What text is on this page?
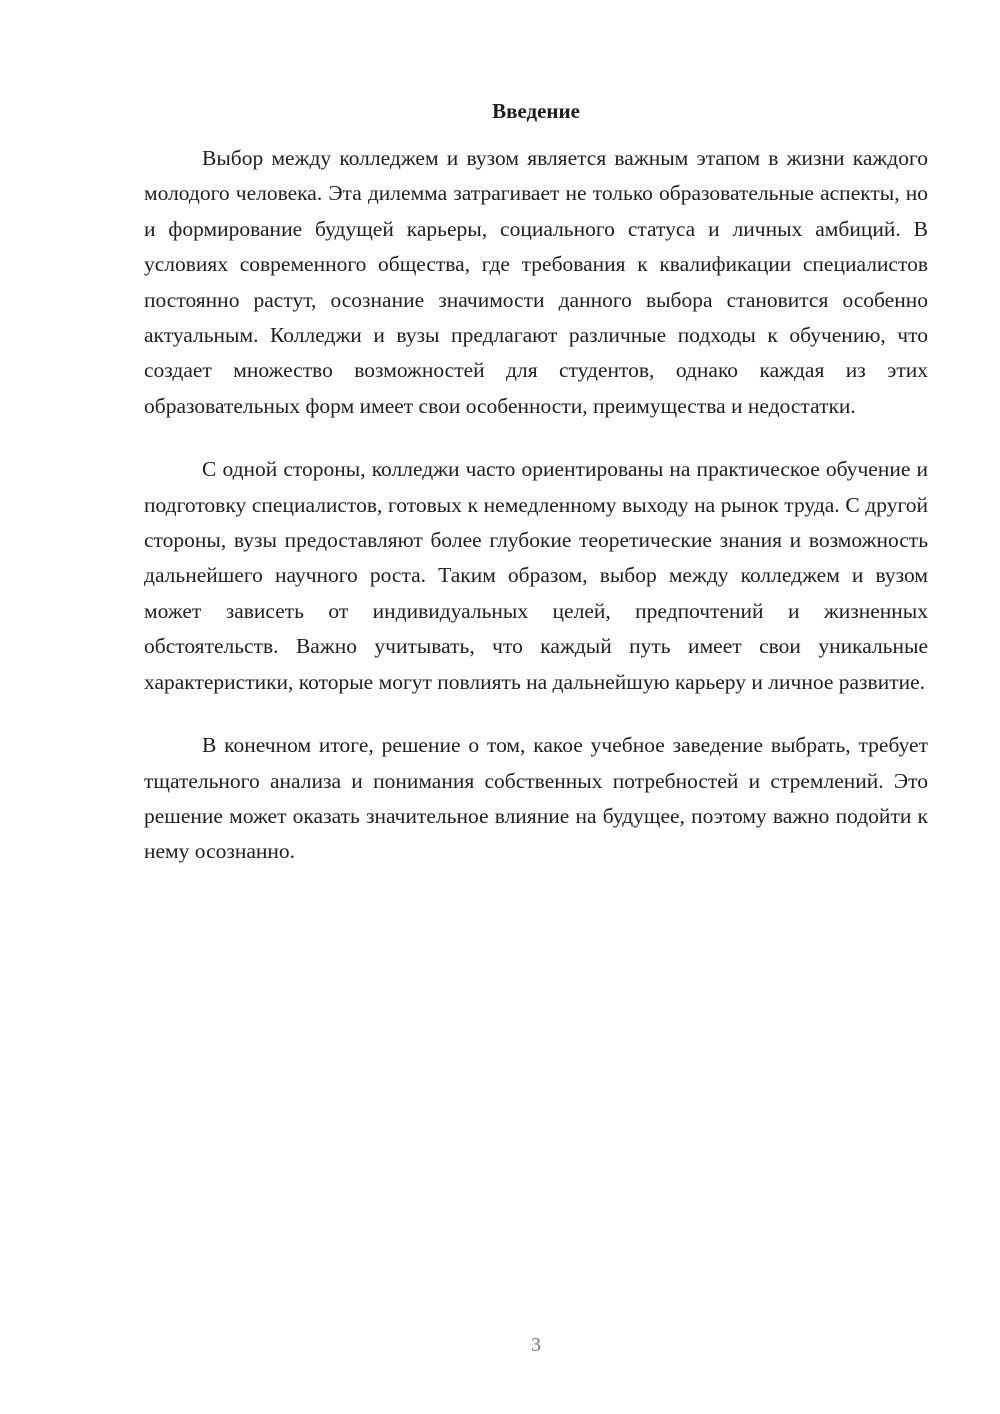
Введение

Выбор между колледжем и вузом является важным этапом в жизни каждого молодого человека. Эта дилемма затрагивает не только образовательные аспекты, но и формирование будущей карьеры, социального статуса и личных амбиций. В условиях современного общества, где требования к квалификации специалистов постоянно растут, осознание значимости данного выбора становится особенно актуальным. Колледжи и вузы предлагают различные подходы к обучению, что создает множество возможностей для студентов, однако каждая из этих образовательных форм имеет свои особенности, преимущества и недостатки.

С одной стороны, колледжи часто ориентированы на практическое обучение и подготовку специалистов, готовых к немедленному выходу на рынок труда. С другой стороны, вузы предоставляют более глубокие теоретические знания и возможность дальнейшего научного роста. Таким образом, выбор между колледжем и вузом может зависеть от индивидуальных целей, предпочтений и жизненных обстоятельств. Важно учитывать, что каждый путь имеет свои уникальные характеристики, которые могут повлиять на дальнейшую карьеру и личное развитие.

В конечном итоге, решение о том, какое учебное заведение выбрать, требует тщательного анализа и понимания собственных потребностей и стремлений. Это решение может оказать значительное влияние на будущее, поэтому важно подойти к нему осознанно.

3
